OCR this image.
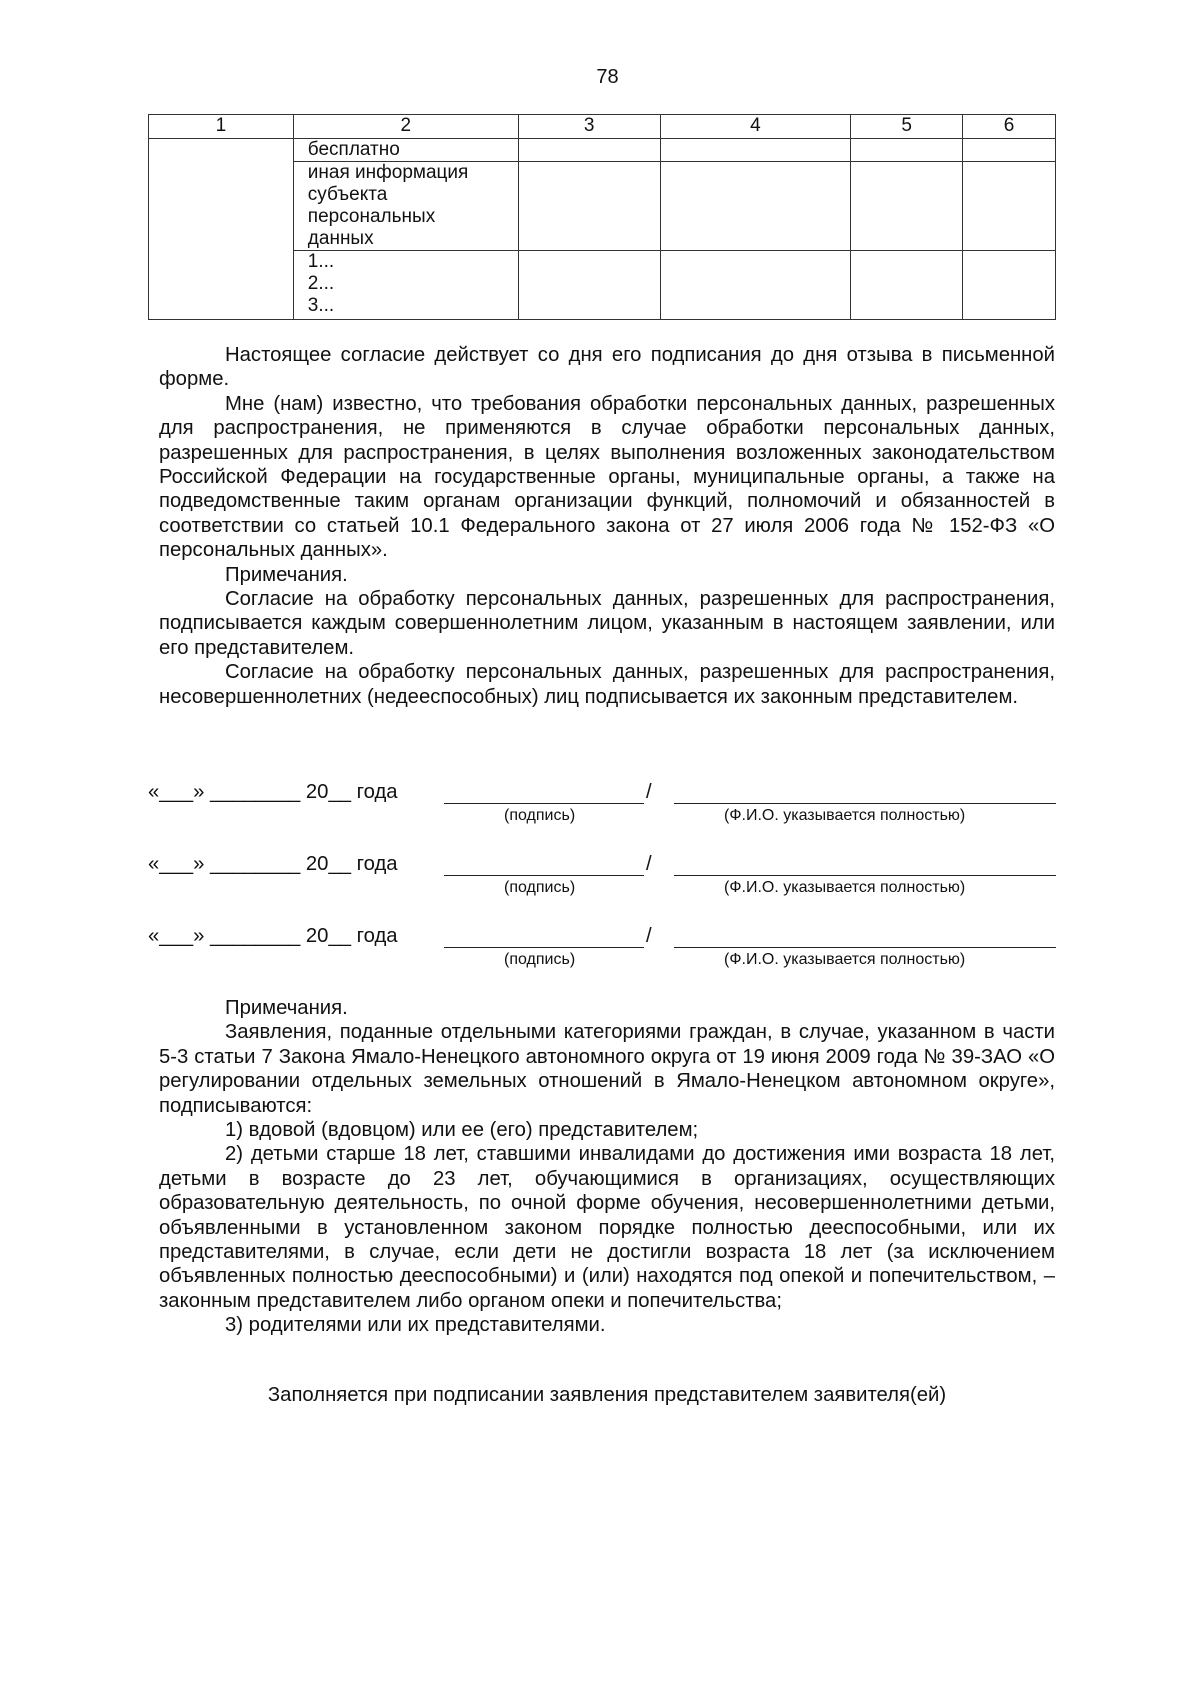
78
1	2	3	4	5	6
	бесплатно				
	иная информация субъекта персональных данных				

	1...
2...
3...				

Настоящее согласие действует со дня его подписания до дня отзыва в письменной форме.

Мне (нам) известно, что требования обработки персональных данных, разрешенных для распространения, не применяются в случае обработки персональных данных, разрешенных для распространения, в целях выполнения возложенных законодательством Российской Федерации на государственные органы, муниципальные органы, а также на подведомственные таким органам организации функций, полномочий и обязанностей в соответствии со статьей 10.1 Федерального закона от 27 июля 2006 года № 152-ФЗ «О персональных данных».

Примечания.

Согласие на обработку персональных данных, разрешенных для распространения, подписывается каждым совершеннолетним лицом, указанным в настоящем заявлении, или его представителем.

Согласие на обработку персональных данных, разрешенных для распространения, несовершеннолетних (недееспособных) лиц подписывается их законным представителем.

«___» ________ 20__ года	/
(подпись)	(Ф.И.О. указывается полностью)
«___» ________ 20__ года	/
(подпись)	(Ф.И.О. указывается полностью)
«___» ________ 20__ года	/
(подпись)	(Ф.И.О. указывается полностью)

Примечания.

Заявления, поданные отдельными категориями граждан, в случае, указанном в части 5-3 статьи 7 Закона Ямало-Ненецкого автономного округа от 19 июня 2009 года № 39-ЗАО «О регулировании отдельных земельных отношений в Ямало-Ненецком автономном округе», подписываются:

1) вдовой (вдовцом) или ее (его) представителем;

2) детьми старше 18 лет, ставшими инвалидами до достижения ими возраста 18 лет, детьми в возрасте до 23 лет, обучающимися в организациях, осуществляющих образовательную деятельность, по очной форме обучения, несовершеннолетними детьми, объявленными в установленном законом порядке полностью дееспособными, или их представителями, в случае, если дети не достигли возраста 18 лет (за исключением объявленных полностью дееспособными) и (или) находятся под опекой и попечительством, – законным представителем либо органом опеки и попечительства;

3) родителями или их представителями.

Заполняется при подписании заявления представителем заявителя(ей)
